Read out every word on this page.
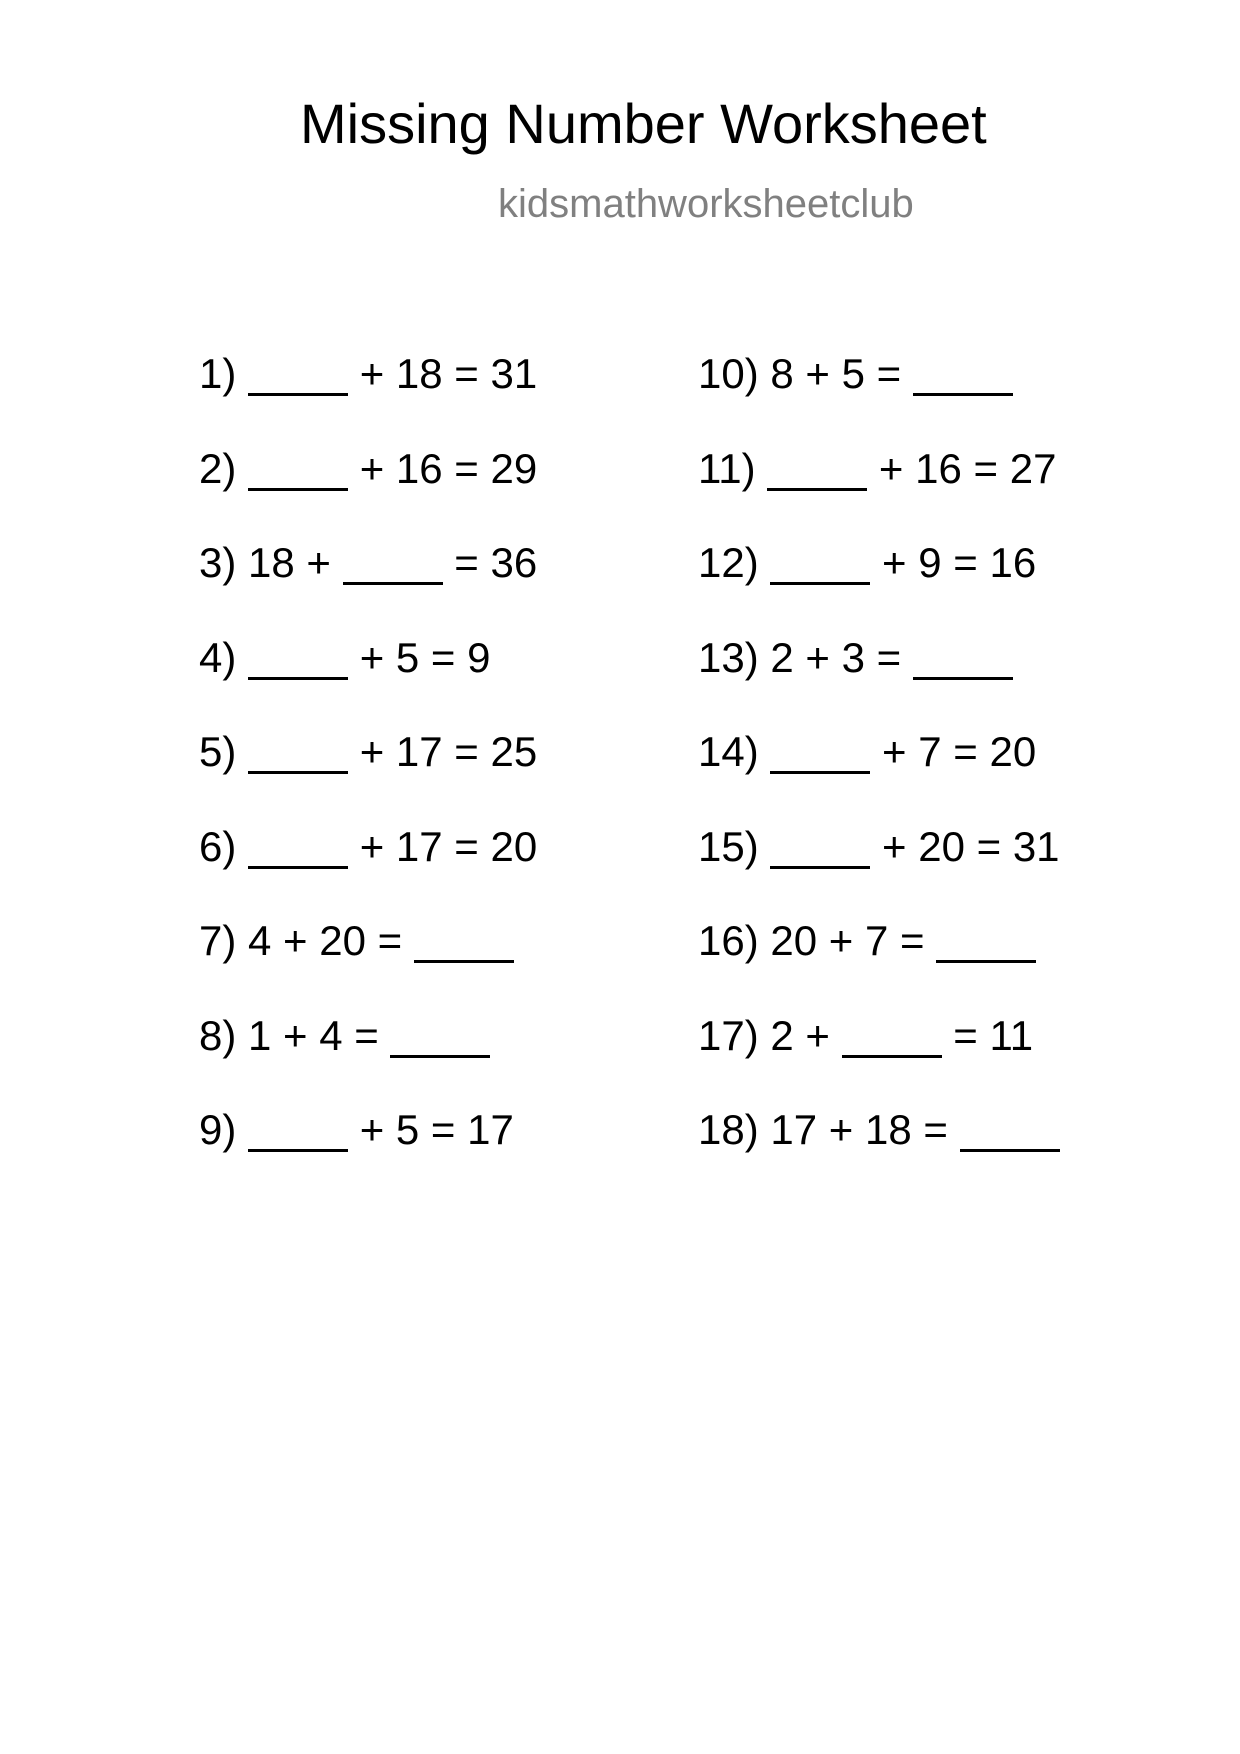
Missing Number Worksheet
kidsmathworksheetclub
1)	+ 18 = 31
2)	+ 16 = 29
3) 18 +  = 36
4)	+ 5 = 9
5)	+ 17 = 25
6)	+ 17 = 20
7) 4 + 20 =
8) 1 + 4 =
9)	+ 5 = 17
10) 8 + 5 =
11)	+ 16 = 27
12)	+ 9 = 16
13) 2 + 3 =
14)	+ 7 = 20
15)	+ 20 = 31
16) 20 + 7 =
17) 2 +  = 11
18) 17 + 18 =
